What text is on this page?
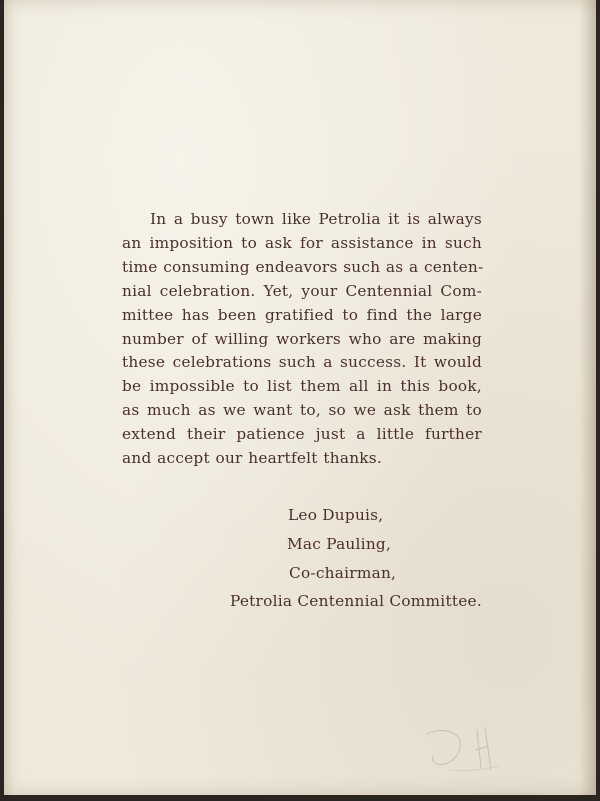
In a busy town like Petrolia it is always
an imposition to ask for assistance in such
time consuming endeavors such as a centen-
nial celebration. Yet, your Centennial Com-
mittee has been gratified to find the large
number of willing workers who are making
these celebrations such a success. It would
be impossible to list them all in this book,
as much as we want to, so we ask them to
extend their patience just a little further
and accept our heartfelt thanks.
Leo Dupuis,
Mac Pauling,
Co-chairman,
Petrolia Centennial Committee.
